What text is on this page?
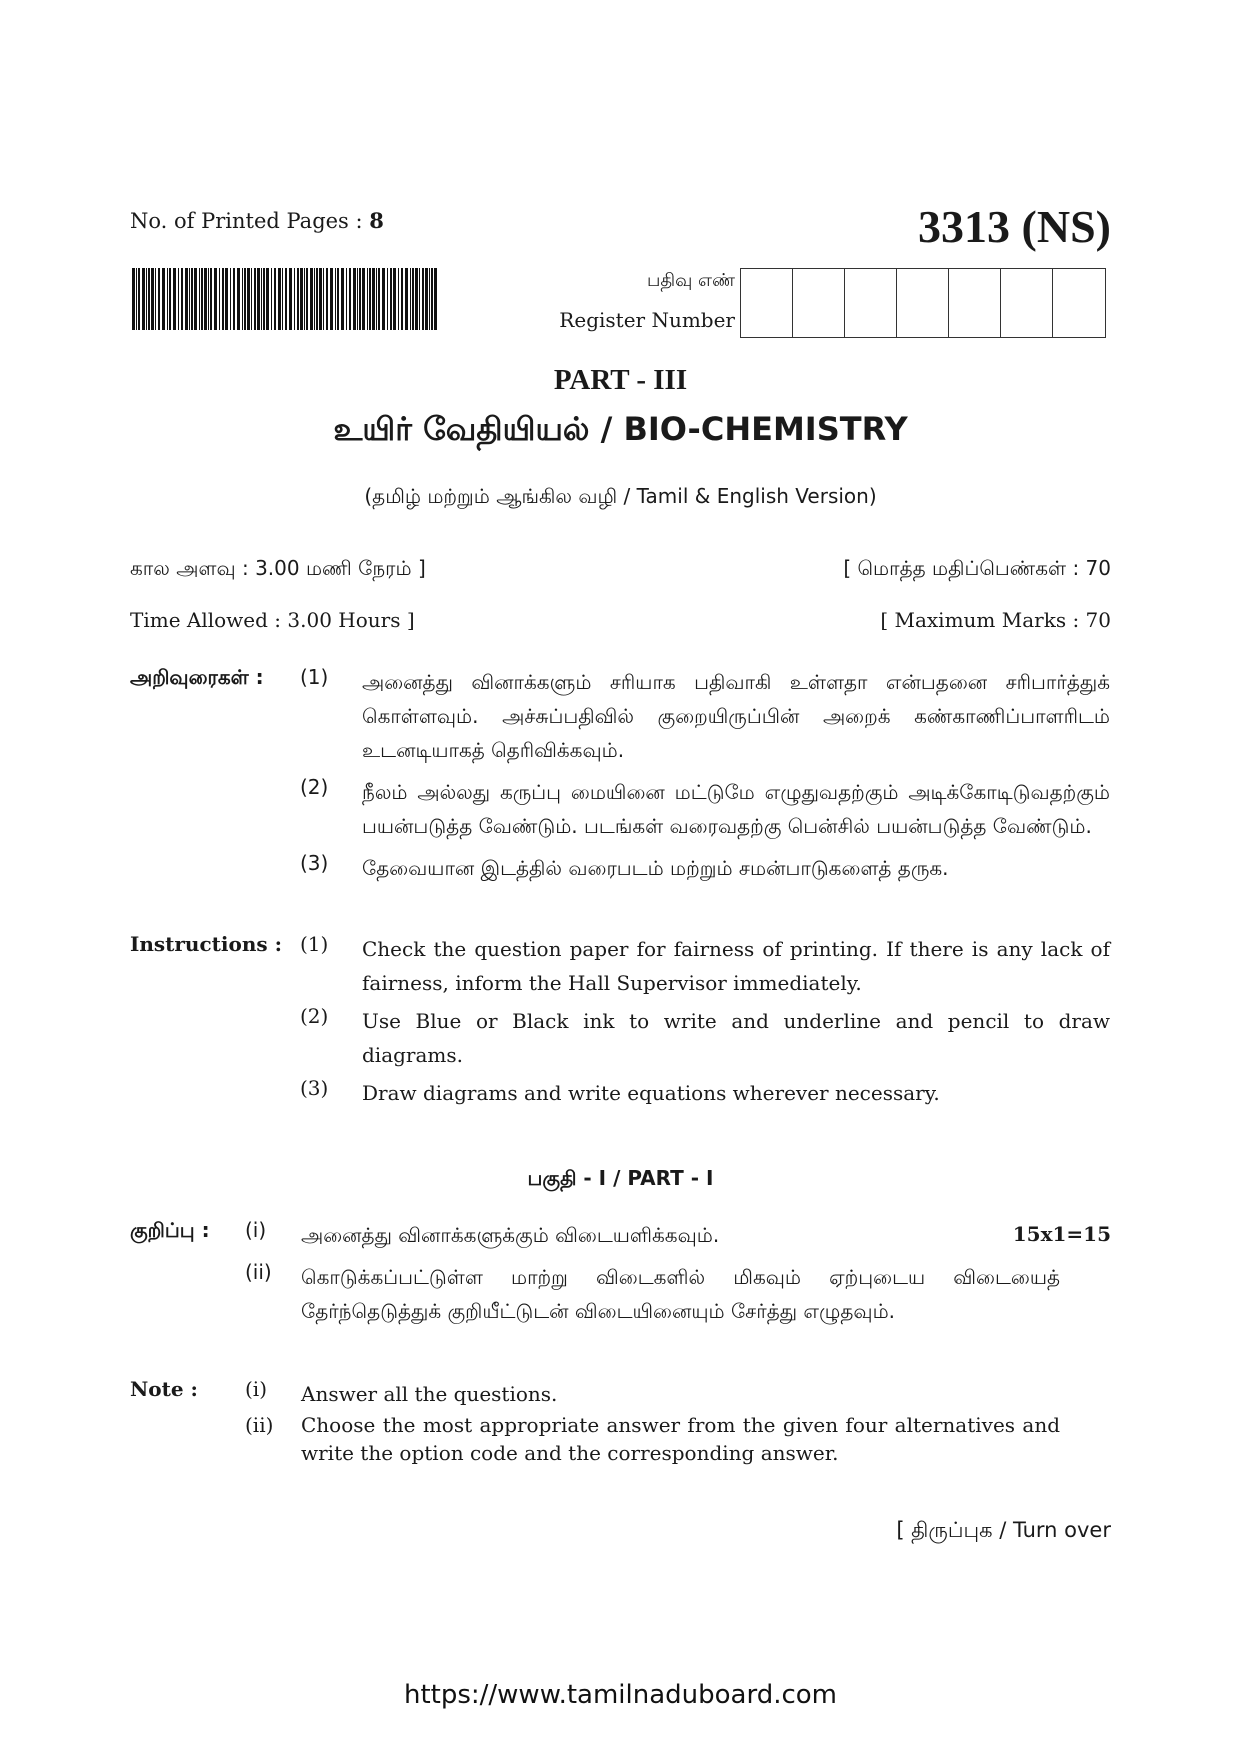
No. of Printed Pages : 8	3313 (NS)
பதிவு எண்
Register Number
PART - III
உயிர் வேதியியல் / BIO-CHEMISTRY
(தமிழ் மற்றும் ஆங்கில வழி / Tamil & English Version)
கால அளவு : 3.00 மணி நேரம் ]	[ மொத்த மதிப்பெண்கள் : 70
Time Allowed : 3.00 Hours ]	[ Maximum Marks : 70
அறிவுரைகள் :	(1)	அனைத்து வினாக்களும் சரியாக பதிவாகி உள்ளதா என்பதனை சரிபார்த்துக் கொள்ளவும். அச்சுப்பதிவில் குறையிருப்பின் அறைக் கண்காணிப்பாளரிடம் உடனடியாகத் தெரிவிக்கவும்.
(2)	நீலம் அல்லது கருப்பு மையினை மட்டுமே எழுதுவதற்கும் அடிக்கோடிடுவதற்கும் பயன்படுத்த வேண்டும். படங்கள் வரைவதற்கு பென்சில் பயன்படுத்த வேண்டும்.
(3)	தேவையான இடத்தில் வரைபடம் மற்றும் சமன்பாடுகளைத் தருக.
Instructions : (1)	Check the question paper for fairness of printing. If there is any lack of fairness, inform the Hall Supervisor immediately.
(2)	Use Blue or Black ink to write and underline and pencil to draw diagrams.
(3)	Draw diagrams and write equations wherever necessary.
பகுதி - I / PART - I
15x1=15
குறிப்பு :	(i)	அனைத்து வினாக்களுக்கும் விடையளிக்கவும்.
(ii)	கொடுக்கப்பட்டுள்ள மாற்று விடைகளில் மிகவும் ஏற்புடைய விடையைத் தேர்ந்தெடுத்துக் குறியீட்டுடன் விடையினையும் சேர்த்து எழுதவும்.
Note :	(i)	Answer all the questions.
(ii)	Choose the most appropriate answer from the given four alternatives and write the option code and the corresponding answer.
[ திருப்புக / Turn over
https://www.tamilnaduboard.com
